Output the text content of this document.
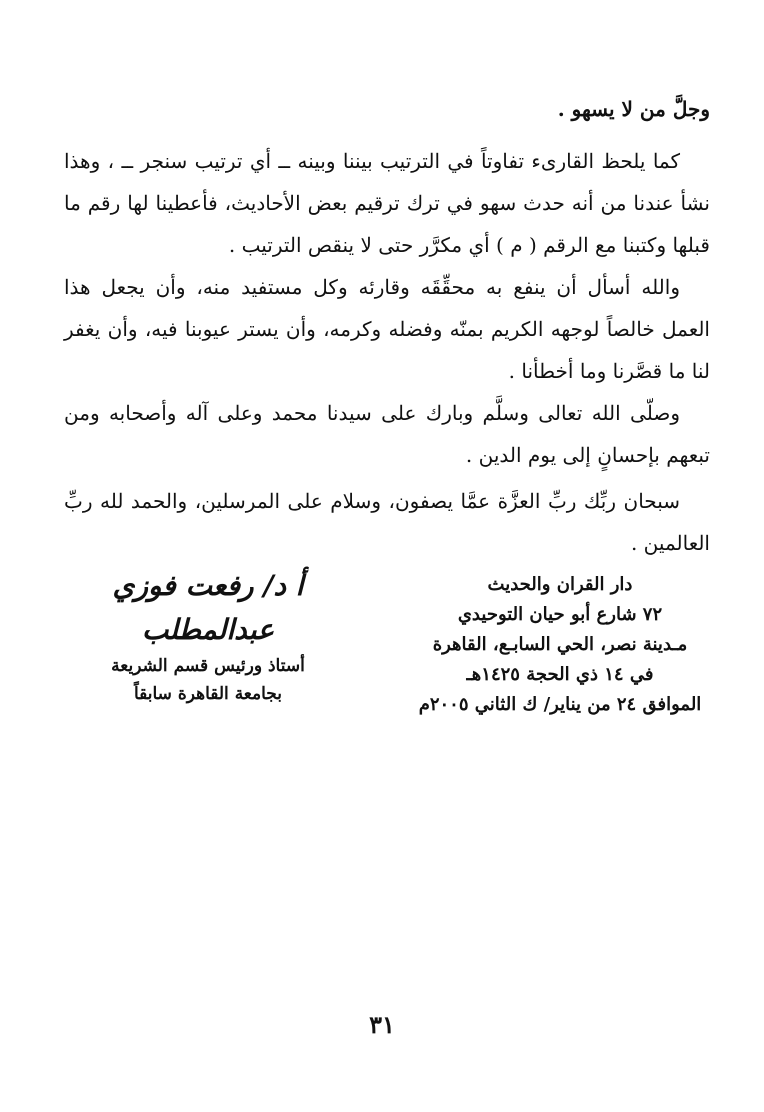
وجلَّ من لا يسهو .

كما يلحظ القارىء تفاوتاً في الترتيب بيننا وبينه ــ أي ترتيب سنجر ــ ، وهذا نشأ عندنا من أنه حدث سهو في ترك ترقيم بعض الأحاديث، فأعطينا لها رقم ما قبلها وكتبنا مع الرقم ( م ) أي مكرَّر حتى لا ينقص الترتيب .

والله أسأل أن ينفع به محقِّقَه وقارئه وكل مستفيد منه، وأن يجعل هذا العمل خالصاً لوجهه الكريم بمنّه وفضله وكرمه، وأن يستر عيوبنا فيه، وأن يغفر لنا ما قصَّرنا وما أخطأنا .

وصلّى الله تعالى وسلَّم وبارك على سيدنا محمد وعلى آله وأصحابه ومن تبعهم بإحسانٍ إلى يوم الدين .

سبحان ربِّك ربِّ العزَّة عمَّا يصفون، وسلام على المرسلين، والحمد لله ربِّ العالمين .

دار القران والحديث

٧٢ شارع أبو حيان التوحيدي

مـدينة نصر، الحي السابـع، القاهرة

في ١٤ ذي الحجة ١٤٢٥هـ

الموافق ٢٤ من يناير/ ك الثاني ٢٠٠٥م

أ د/ رفعت فوزي عبدالمطلب

أستاذ ورئيس قسم الشريعة

بجامعة القاهرة سابقاً

٣١
